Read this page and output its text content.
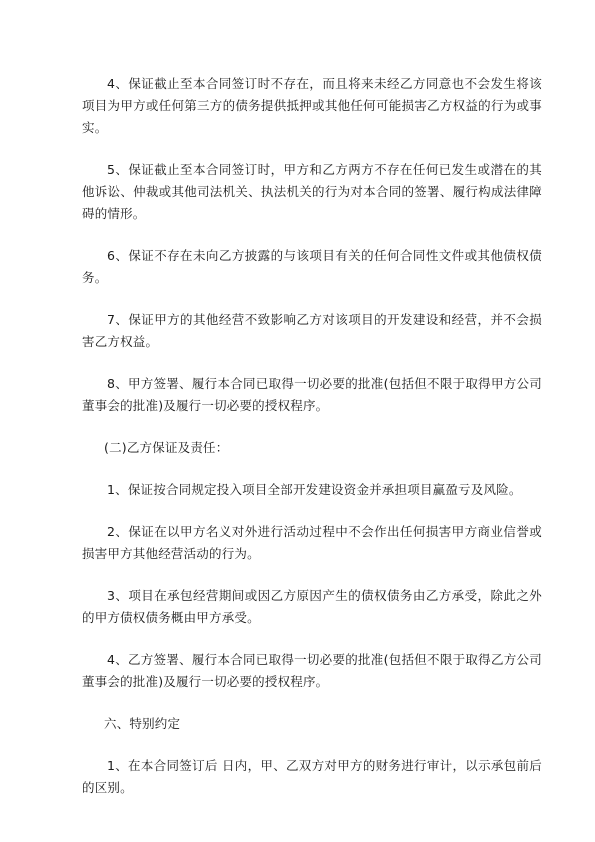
4、保证截止至本合同签订时不存在，而且将来未经乙方同意也不会发生将该项目为甲方或任何第三方的债务提供抵押或其他任何可能损害乙方权益的行为或事实。

5、保证截止至本合同签订时，甲方和乙方两方不存在任何已发生或潜在的其他诉讼、仲裁或其他司法机关、执法机关的行为对本合同的签署、履行构成法律障碍的情形。

6、保证不存在未向乙方披露的与该项目有关的任何合同性文件或其他债权债务。

7、保证甲方的其他经营不致影响乙方对该项目的开发建设和经营，并不会损害乙方权益。

8、甲方签署、履行本合同已取得一切必要的批准(包括但不限于取得甲方公司董事会的批准)及履行一切必要的授权程序。

(二)乙方保证及责任：

1、保证按合同规定投入项目全部开发建设资金并承担项目赢盈亏及风险。

2、保证在以甲方名义对外进行活动过程中不会作出任何损害甲方商业信誉或损害甲方其他经营活动的行为。

3、项目在承包经营期间或因乙方原因产生的债权债务由乙方承受，除此之外的甲方债权债务概由甲方承受。

4、乙方签署、履行本合同已取得一切必要的批准(包括但不限于取得乙方公司董事会的批准)及履行一切必要的授权程序。

六、特别约定

1、在本合同签订后 日内，甲、乙双方对甲方的财务进行审计，以示承包前后的区别。
